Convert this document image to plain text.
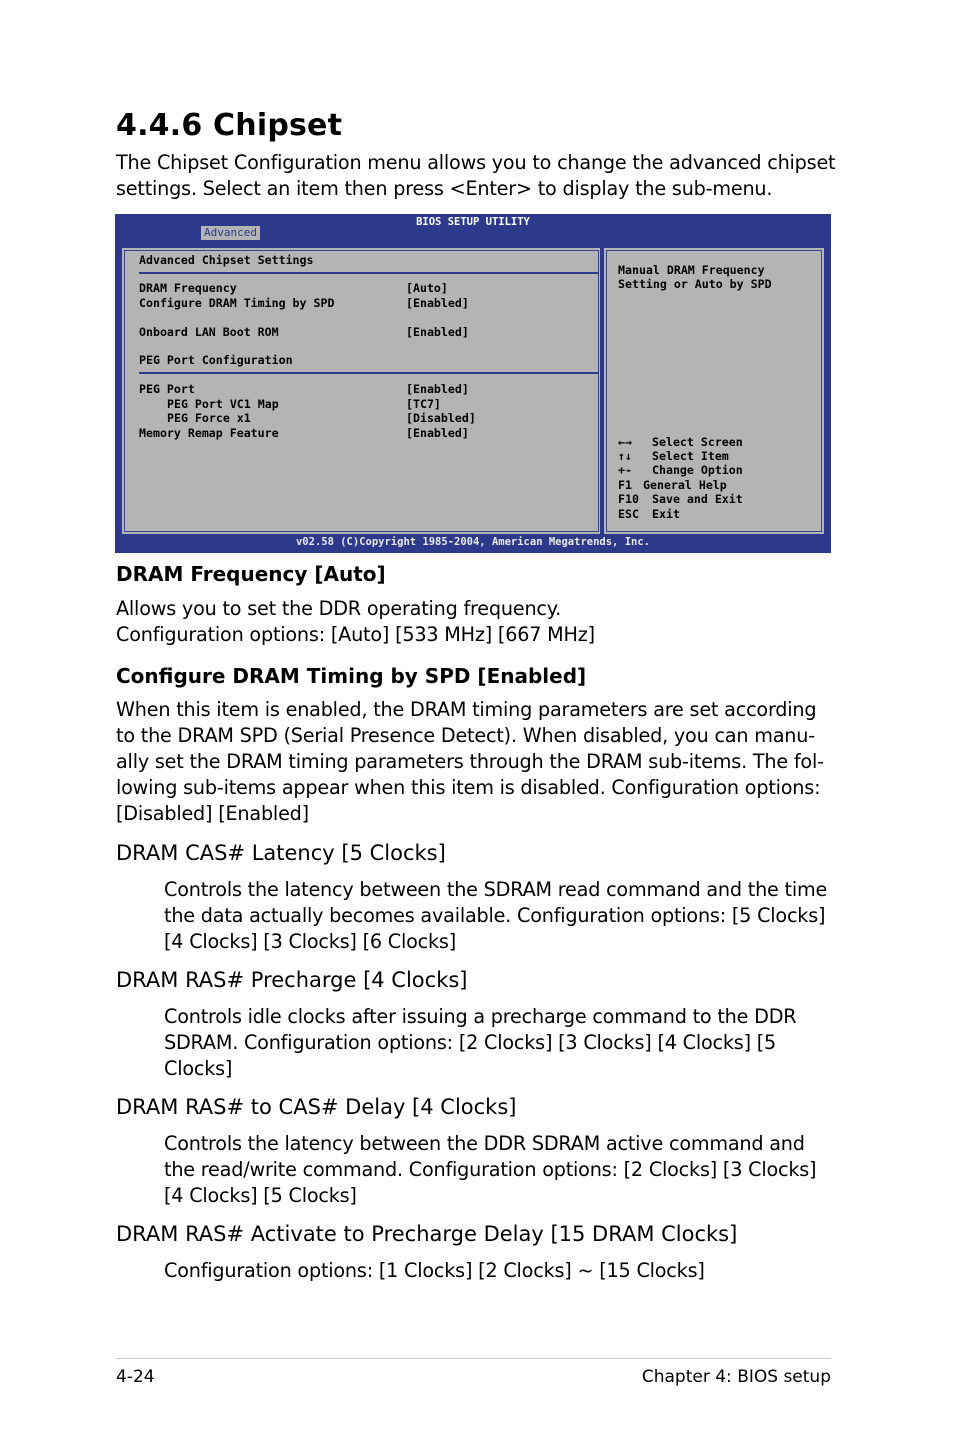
4.4.6 Chipset
The Chipset Configuration menu allows you to change the advanced chipset settings. Select an item then press <Enter> to display the sub-menu.
BIOS SETUP UTILITY
Advanced
Advanced Chipset Settings
DRAM Frequency	[Auto]
Configure DRAM Timing by SPD	[Enabled]
Onboard LAN Boot ROM	[Enabled]
PEG Port Configuration
PEG Port	[Enabled]
PEG Port VC1 Map	[TC7]
PEG Force x1	[Disabled]
Memory Remap Feature	[Enabled]
Manual DRAM Frequency
Setting or Auto by SPD
←→ Select Screen
↑↓ Select Item
+- Change Option
F1 General Help
F10 Save and Exit
ESC Exit
v02.58 (C)Copyright 1985-2004, American Megatrends, Inc.
DRAM Frequency [Auto]
Allows you to set the DDR operating frequency.
Configuration options: [Auto] [533 MHz] [667 MHz]
Configure DRAM Timing by SPD [Enabled]
When this item is enabled, the DRAM timing parameters are set according to the DRAM SPD (Serial Presence Detect). When disabled, you can manu-ally set the DRAM timing parameters through the DRAM sub-items. The fol-lowing sub-items appear when this item is disabled. Configuration options: [Disabled] [Enabled]
DRAM CAS# Latency [5 Clocks]
Controls the latency between the SDRAM read command and the time the data actually becomes available. Configuration options: [5 Clocks] [4 Clocks] [3 Clocks] [6 Clocks]
DRAM RAS# Precharge [4 Clocks]
Controls idle clocks after issuing a precharge command to the DDR SDRAM. Configuration options: [2 Clocks] [3 Clocks] [4 Clocks] [5 Clocks]
DRAM RAS# to CAS# Delay [4 Clocks]
Controls the latency between the DDR SDRAM active command and the read/write command. Configuration options: [2 Clocks] [3 Clocks] [4 Clocks] [5 Clocks]
DRAM RAS# Activate to Precharge Delay [15 DRAM Clocks]
Configuration options: [1 Clocks] [2 Clocks] ~ [15 Clocks]
4-24	Chapter 4: BIOS setup
